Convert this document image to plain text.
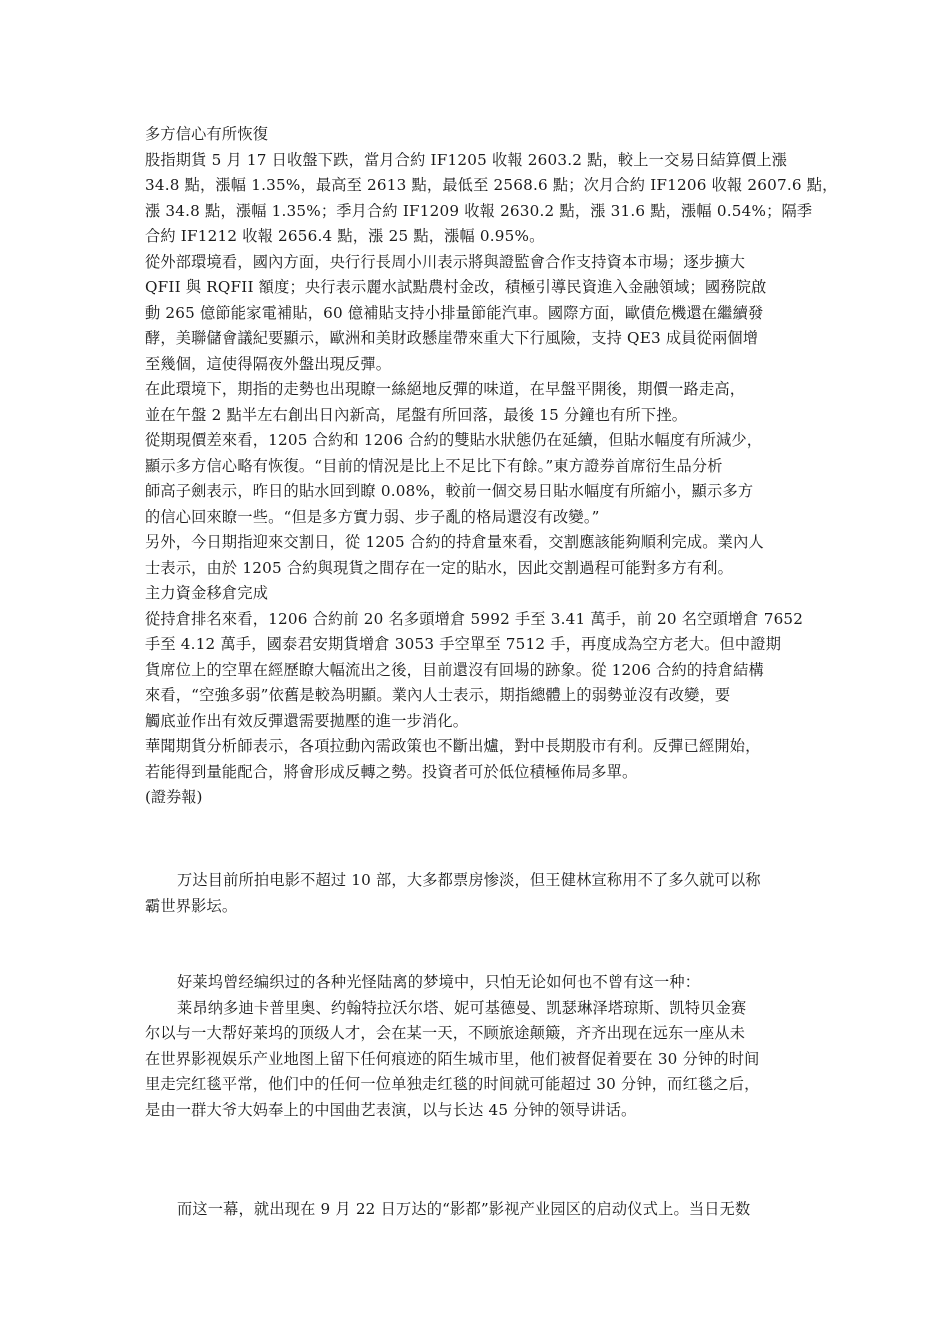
多方信心有所恢復
股指期貨 5 月 17 日收盤下跌，當月合約 IF1205 收報 2603.2 點，較上一交易日結算價上漲
34.8 點，漲幅 1.35%，最高至 2613 點，最低至 2568.6 點；次月合約 IF1206 收報 2607.6 點，
漲 34.8 點，漲幅 1.35%；季月合約 IF1209 收報 2630.2 點，漲 31.6 點，漲幅 0.54%；隔季
合約 IF1212 收報 2656.4 點，漲 25 點，漲幅 0.95%。
從外部環境看，國內方面，央行行長周小川表示將與證監會合作支持資本市場；逐步擴大
QFII 與 RQFII 額度；央行表示麗水試點農村金改，積極引導民資進入金融領域；國務院啟
動 265 億節能家電補貼，60 億補貼支持小排量節能汽車。國際方面，歐債危機還在繼續發
酵，美聯儲會議紀要顯示，歐洲和美財政懸崖帶來重大下行風險，支持 QE3 成員從兩個增
至幾個，這使得隔夜外盤出現反彈。
在此環境下，期指的走勢也出現瞭一絲絕地反彈的味道，在早盤平開後，期價一路走高，
並在午盤 2 點半左右創出日內新高，尾盤有所回落，最後 15 分鐘也有所下挫。
從期現價差來看，1205 合約和 1206 合約的雙貼水狀態仍在延續，但貼水幅度有所減少，
顯示多方信心略有恢復。“目前的情況是比上不足比下有餘。”東方證券首席衍生品分析
師高子劍表示，昨日的貼水回到瞭 0.08%，較前一個交易日貼水幅度有所縮小，顯示多方
的信心回來瞭一些。“但是多方實力弱、步子亂的格局還沒有改變。”
另外，今日期指迎來交割日，從 1205 合約的持倉量來看，交割應該能夠順利完成。業內人
士表示，由於 1205 合約與現貨之間存在一定的貼水，因此交割過程可能對多方有利。
主力資金移倉完成
從持倉排名來看，1206 合約前 20 名多頭增倉 5992 手至 3.41 萬手，前 20 名空頭增倉 7652
手至 4.12 萬手，國泰君安期貨增倉 3053 手空單至 7512 手，再度成為空方老大。但中證期
貨席位上的空單在經歷瞭大幅流出之後，目前還沒有回場的跡象。從 1206 合約的持倉結構
來看，“空強多弱”依舊是較為明顯。業內人士表示，期指總體上的弱勢並沒有改變，要
觸底並作出有效反彈還需要拋壓的進一步消化。
華聞期貨分析師表示，各項拉動內需政策也不斷出爐，對中長期股市有利。反彈已經開始，
若能得到量能配合，將會形成反轉之勢。投資者可於低位積極佈局多單。
(證券報)
万达目前所拍电影不超过 10 部，大多都票房惨淡，但王健林宣称用不了多久就可以称
霸世界影坛。
好莱坞曾经编织过的各种光怪陆离的梦境中，只怕无论如何也不曾有这一种：
莱昂纳多迪卡普里奥、约翰特拉沃尔塔、妮可基德曼、凯瑟琳泽塔琼斯、凯特贝金赛
尔以与一大帮好莱坞的顶级人才，会在某一天，不顾旅途颠簸，齐齐出现在远东一座从未
在世界影视娱乐产业地图上留下任何痕迹的陌生城市里，他们被督促着要在 30 分钟的时间
里走完红毯平常，他们中的任何一位单独走红毯的时间就可能超过 30 分钟，而红毯之后，
是由一群大爷大妈奉上的中国曲艺表演，以与长达 45 分钟的领导讲话。
而这一幕，就出现在 9 月 22 日万达的“影都”影视产业园区的启动仪式上。当日无数
